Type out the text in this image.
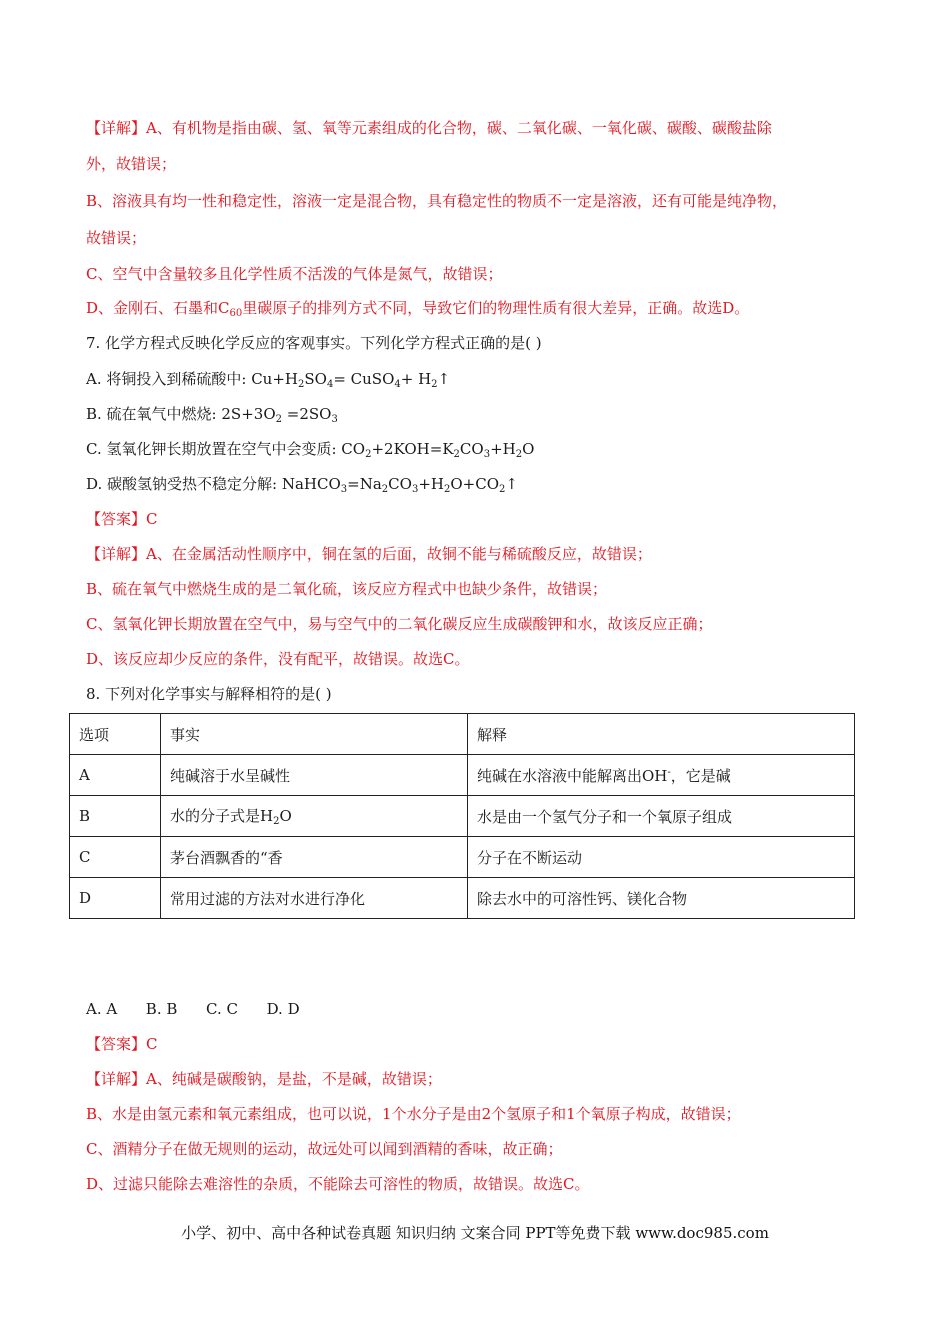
【详解】A、有机物是指由碳、氢、氧等元素组成的化合物，碳、二氧化碳、一氧化碳、碳酸、碳酸盐除
外，故错误；
B、溶液具有均一性和稳定性，溶液一定是混合物，具有稳定性的物质不一定是溶液，还有可能是纯净物，
故错误；
C、空气中含量较多且化学性质不活泼的气体是氮气，故错误；
D、金刚石、石墨和$C_{60}$里碳原子的排列方式不同，导致它们的物理性质有很大差异，正确。故选D。
7. 化学方程式反映化学反应的客观事实。下列化学方程式正确的是( )
A. 将铜投入到稀硫酸中: $Cu+H_2SO_4=$ CuSO$_4$+ $H_2↑$
B. 硫在氧气中燃烧: $2S+3O_2 =2SO_3$
C. 氢氧化钾长期放置在空气中会变质: $CO_2+2KOH=K_2CO_3+H_2O$
D. 碳酸氢钠受热不稳定分解: $NaHCO_3=Na_2CO_3+H_2O+CO_2↑$
【答案】C
【详解】A、在金属活动性顺序中，铜在氢的后面，故铜不能与稀硫酸反应，故错误；
B、硫在氧气中燃烧生成的是二氧化硫，该反应方程式中也缺少条件，故错误；
C、氢氧化钾长期放置在空气中，易与空气中的二氧化碳反应生成碳酸钾和水，故该反应正确；
D、该反应却少反应的条件，没有配平，故错误。故选C。
8. 下列对化学事实与解释相符的是( )
选项	事实	解释
A	纯碱溶于水呈碱性	纯碱在水溶液中能解离出OH-，它是碱
B	水的分子式是$H_2O$	水是由一个氢气分子和一个氧原子组成
C	茅台酒飘香的“香	分子在不断运动
D	常用过滤的方法对水进行净化	除去水中的可溶性钙、镁化合物
A. A      B. B      C. C      D. D
【答案】C
【详解】A、纯碱是碳酸钠，是盐，不是碱，故错误；
B、水是由氢元素和氧元素组成，也可以说，1个水分子是由2个氢原子和1个氧原子构成，故错误；
C、酒精分子在做无规则的运动，故远处可以闻到酒精的香味，故正确；
D、过滤只能除去难溶性的杂质，不能除去可溶性的物质，故错误。故选C。
小学、初中、高中各种试卷真题 知识归纳 文案合同 PPT等免费下载 www.doc985.com
